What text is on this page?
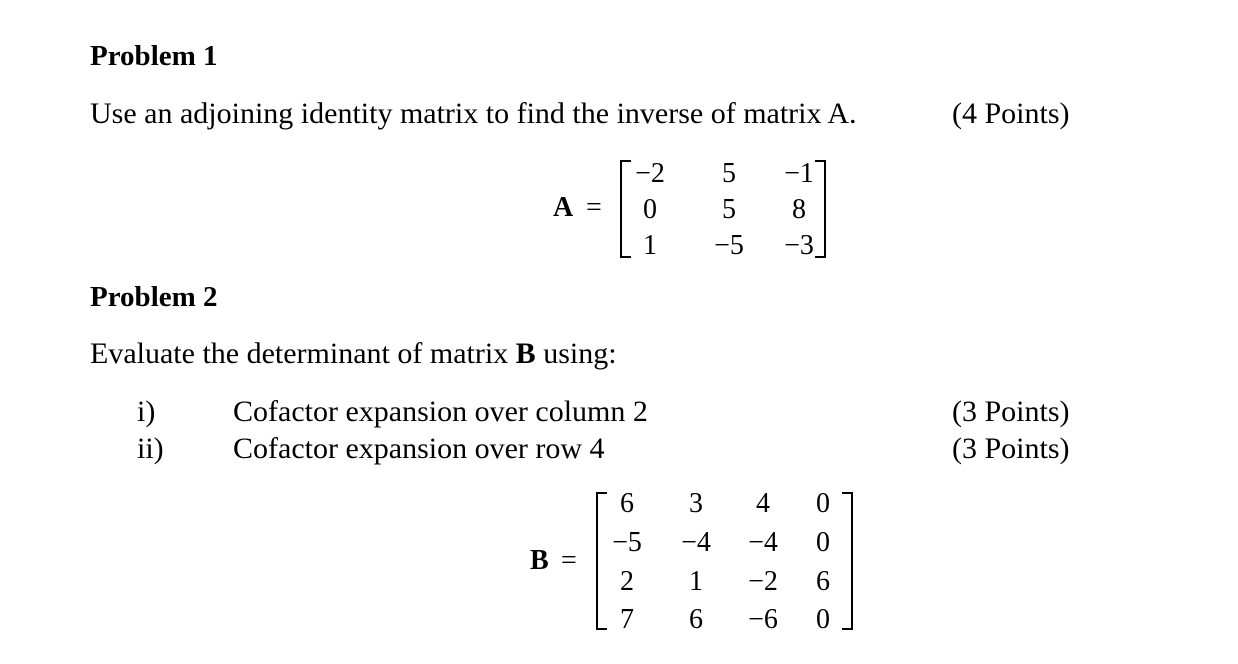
Problem 1
Use an adjoining identity matrix to find the inverse of matrix A.	(4 Points)
A =
−2	5	−1
0	5	8
1	−5	−3
Problem 2
Evaluate the determinant of matrix B using:
i)	Cofactor expansion over column 2	(3 Points)
ii) Cofactor expansion over row 4	(3 Points)
B =
6	3	4	0
−5	−4	−4	0
2	1	−2	6
7	6	−6	0
